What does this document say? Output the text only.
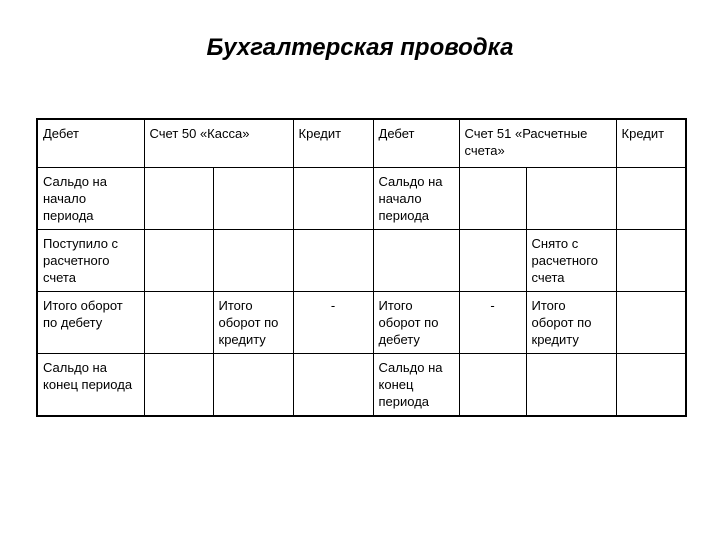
Бухгалтерская проводка
Дебет	Счет 50 «Касса»		Кредит	Дебет	Счет 51 «Расчетные счета»		Кредит
Сальдо на начало периода				Сальдо на начало периода			
Поступило с расчетного счета						Снято с расчетного счета	
Итого оборот по дебету		Итого оборот по кредиту	-	Итого оборот по дебету	-	Итого оборот по кредиту	
Сальдо на конец периода				Сальдо на конец периода			
